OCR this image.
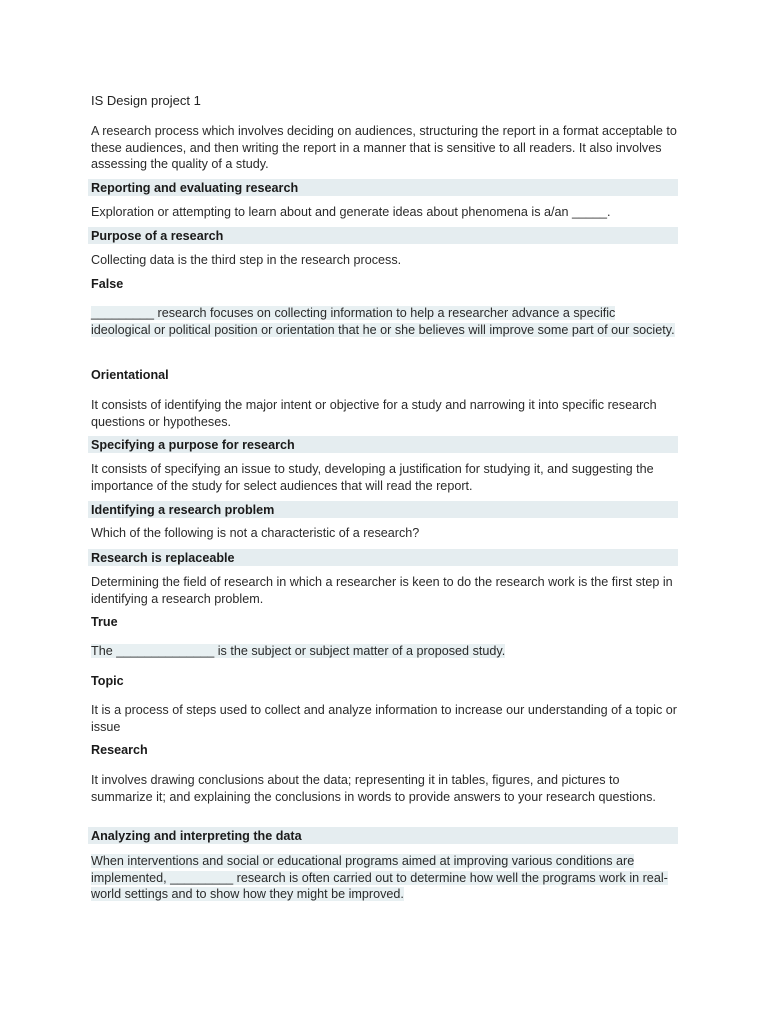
IS Design project 1

A research process which involves deciding on audiences, structuring the report in a format acceptable to these audiences, and then writing the report in a manner that is sensitive to all readers. It also involves assessing the quality of a study.

Reporting and evaluating research

Exploration or attempting to learn about and generate ideas about phenomena is a/an _____.

Purpose of a research

Collecting data is the third step in the research process.

False

_________ research focuses on collecting information to help a researcher advance a specific ideological or political position or orientation that he or she believes will improve some part of our society.

Orientational

It consists of identifying the major intent or objective for a study and narrowing it into specific research questions or hypotheses.

Specifying a purpose for research

It consists of specifying an issue to study, developing a justification for studying it, and suggesting the importance of the study for select audiences that will read the report.

Identifying a research problem

Which of the following is not a characteristic of a research?

Research is replaceable

Determining the field of research in which a researcher is keen to do the research work is the first step in identifying a research problem.

True

The ______________ is the subject or subject matter of a proposed study.

Topic

It is a process of steps used to collect and analyze information to increase our understanding of a topic or issue

Research

It involves drawing conclusions about the data; representing it in tables, figures, and pictures to summarize it; and explaining the conclusions in words to provide answers to your research questions.

Analyzing and interpreting the data

When interventions and social or educational programs aimed at improving various conditions are implemented, _________ research is often carried out to determine how well the programs work in real-world settings and to show how they might be improved.
